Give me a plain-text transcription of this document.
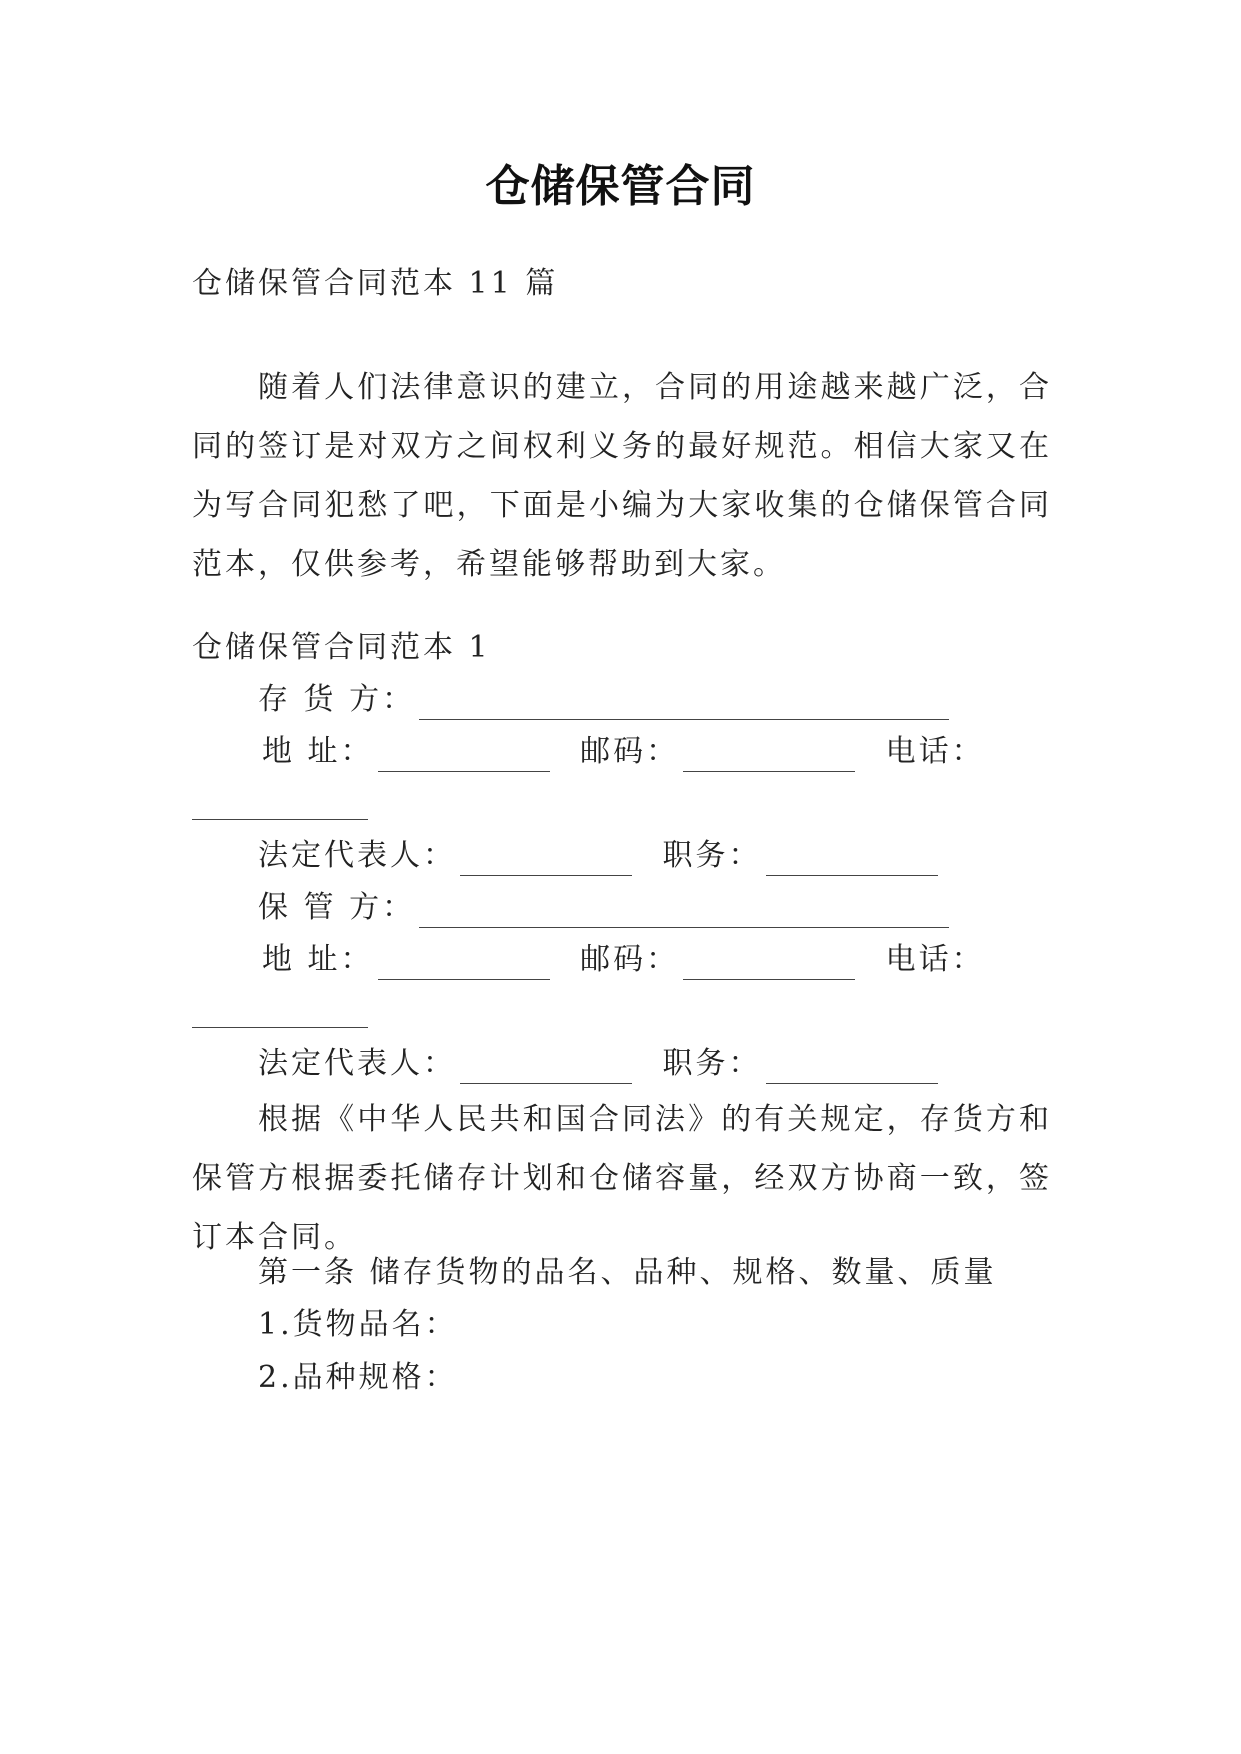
仓储保管合同
仓储保管合同范本 11 篇
随着人们法律意识的建立，合同的用途越来越广泛，合同的签订是对双方之间权利义务的最好规范。相信大家又在为写合同犯愁了吧，下面是小编为大家收集的仓储保管合同范本，仅供参考，希望能够帮助到大家。
仓储保管合同范本 1
存 货 方：
地 址：	邮码：	电话：
法定代表人：	职务：
保 管 方：
地 址：	邮码：	电话：
法定代表人：	职务：
根据《中华人民共和国合同法》的有关规定，存货方和保管方根据委托储存计划和仓储容量，经双方协商一致，签订本合同。
第一条 储存货物的品名、品种、规格、数量、质量
1.货物品名：
2.品种规格：
